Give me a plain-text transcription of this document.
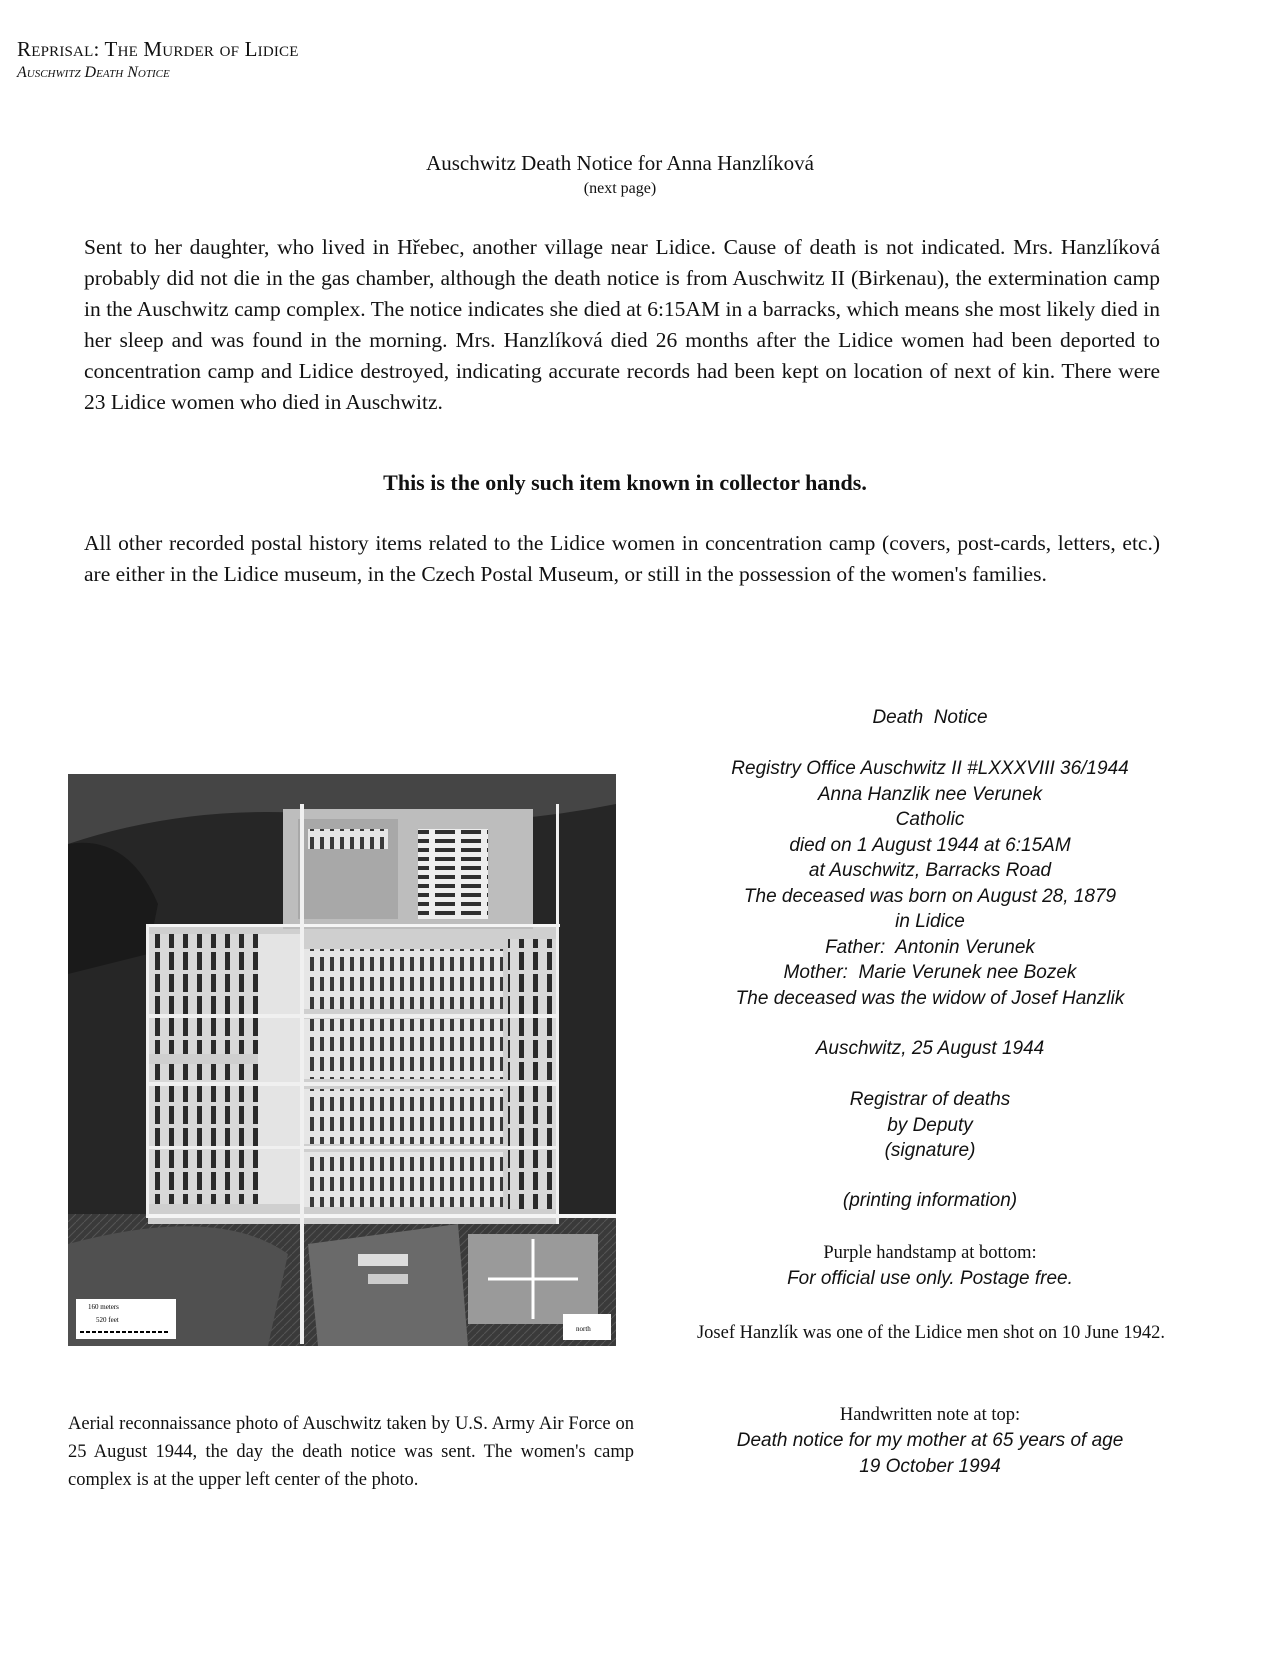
Reprisal: The Murder of Lidice
Auschwitz Death Notice
Auschwitz Death Notice for Anna Hanzlíková
(next page)
Sent to her daughter, who lived in Hřebec, another village near Lidice. Cause of death is not indicated. Mrs. Hanzlíková probably did not die in the gas chamber, although the death notice is from Auschwitz II (Birkenau), the extermination camp in the Auschwitz camp complex. The notice indicates she died at 6:15AM in a barracks, which means she most likely died in her sleep and was found in the morning. Mrs. Hanzlíková died 26 months after the Lidice women had been deported to concentration camp and Lidice destroyed, indicating accurate records had been kept on location of next of kin. There were 23 Lidice women who died in Auschwitz.
This is the only such item known in collector hands.
All other recorded postal history items related to the Lidice women in concentration camp (covers, post-cards, letters, etc.) are either in the Lidice museum, in the Czech Postal Museum, or still in the possession of the women's families.
160 meters
520 feet
north
Aerial reconnaissance photo of Auschwitz taken by U.S. Army Air Force on 25 August 1944, the day the death notice was sent. The women's camp complex is at the upper left center of the photo.
Death  Notice
Registry Office Auschwitz II #LXXXVIII 36/1944
Anna Hanzlik nee Verunek
Catholic
died on 1 August 1944 at 6:15AM
at Auschwitz, Barracks Road
The deceased was born on August 28, 1879
in Lidice
Father:  Antonin Verunek
Mother:  Marie Verunek nee Bozek
The deceased was the widow of Josef Hanzlik
Auschwitz, 25 August 1944
Registrar of deaths
by Deputy
(signature)
(printing information)
Purple handstamp at bottom:
For official use only. Postage free.
Josef Hanzlík was one of the Lidice men shot on 10 June 1942.
Handwritten note at top:
Death notice for my mother at 65 years of age
19 October 1994
